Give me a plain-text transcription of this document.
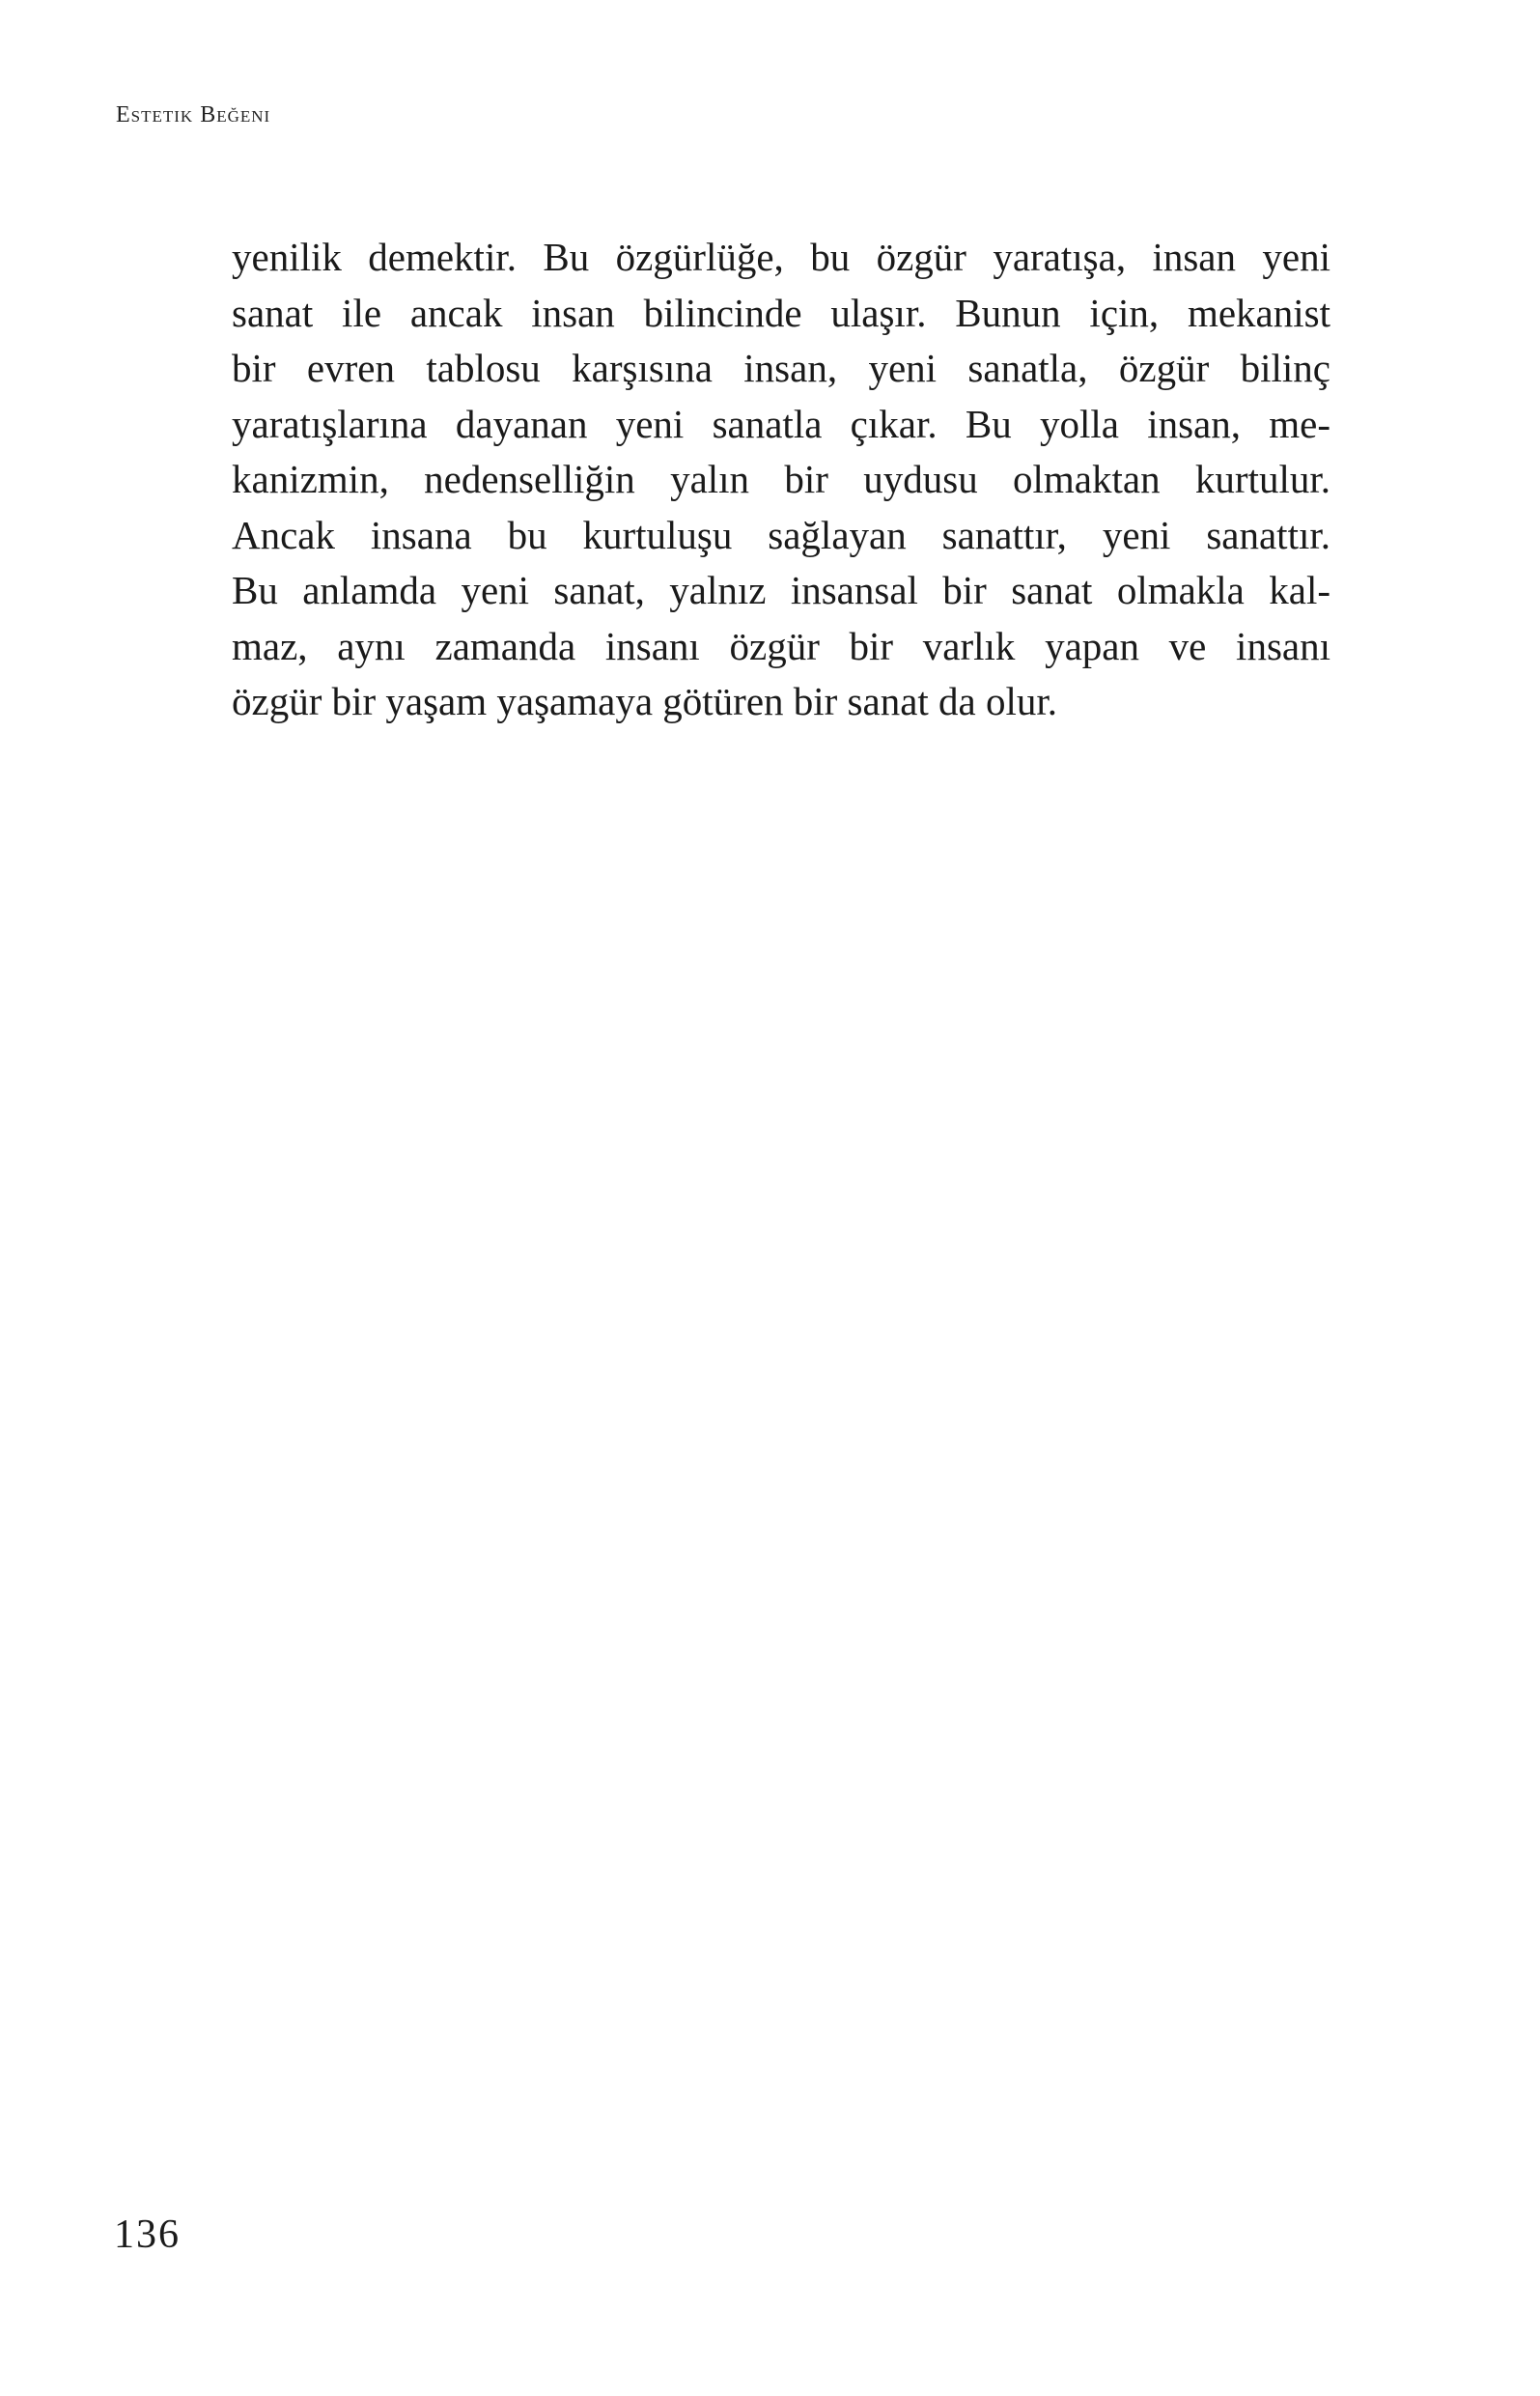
Estetik Beğeni
yenilik demektir. Bu özgürlüğe, bu özgür yaratışa, insan yeni
sanat ile ancak insan bilincinde ulaşır. Bunun için, mekanist
bir evren tablosu karşısına insan, yeni sanatla, özgür bilinç
yaratışlarına dayanan yeni sanatla çıkar. Bu yolla insan, me-
kanizmin, nedenselliğin yalın bir uydusu olmaktan kurtulur.
Ancak insana bu kurtuluşu sağlayan sanattır, yeni sanattır.
Bu anlamda yeni sanat, yalnız insansal bir sanat olmakla kal-
maz, aynı zamanda insanı özgür bir varlık yapan ve insanı
özgür bir yaşam yaşamaya götüren bir sanat da olur.
136
